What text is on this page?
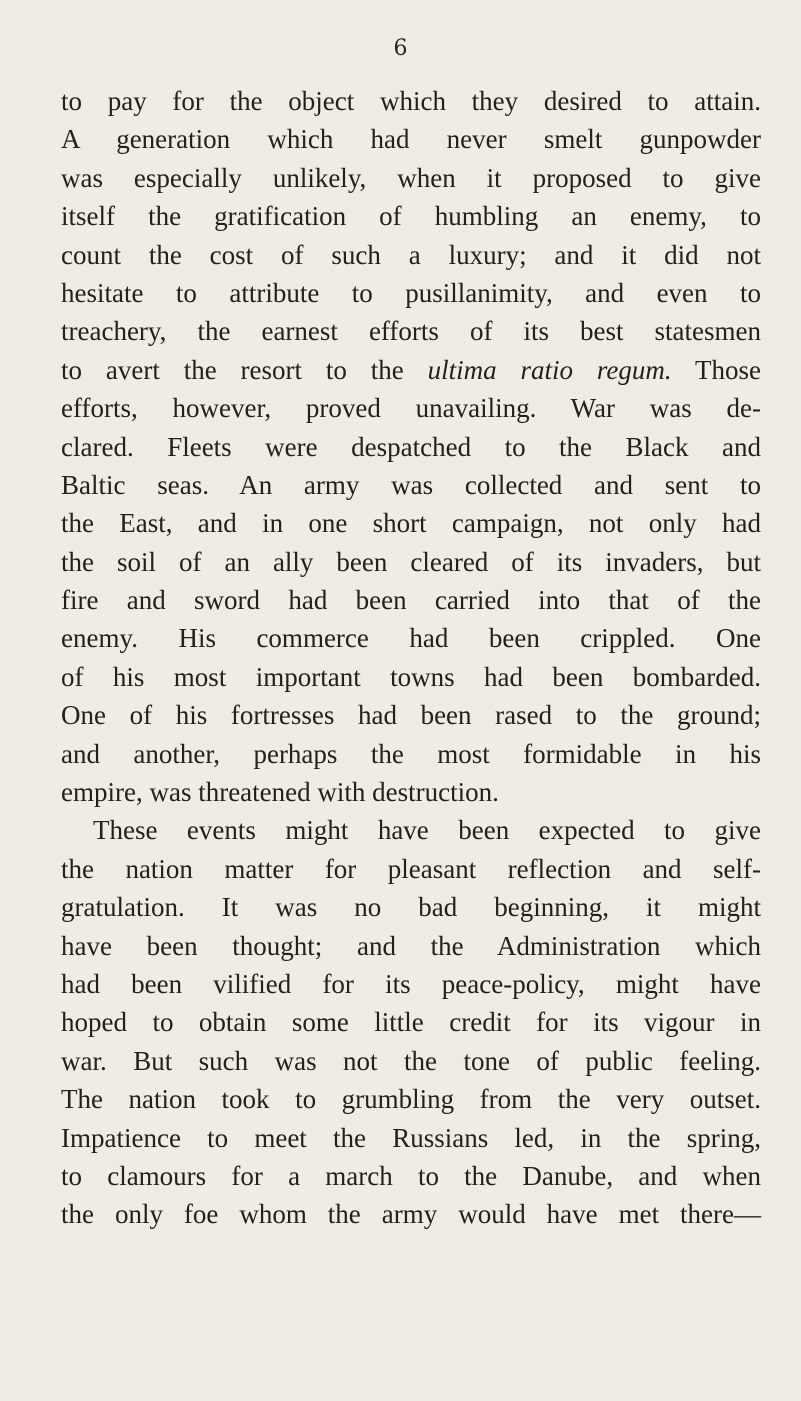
6
to pay for the object which they desired to attain.
A generation which had never smelt gunpowder
was especially unlikely, when it proposed to give
itself the gratification of humbling an enemy, to
count the cost of such a luxury; and it did not
hesitate to attribute to pusillanimity, and even to
treachery, the earnest efforts of its best statesmen
to avert the resort to the ultima ratio regum. Those
efforts, however, proved unavailing. War was de-
clared. Fleets were despatched to the Black and
Baltic seas. An army was collected and sent to
the East, and in one short campaign, not only had
the soil of an ally been cleared of its invaders, but
fire and sword had been carried into that of the
enemy. His commerce had been crippled. One
of his most important towns had been bombarded.
One of his fortresses had been rased to the ground;
and another, perhaps the most formidable in his
empire, was threatened with destruction.
These events might have been expected to give
the nation matter for pleasant reflection and self-
gratulation. It was no bad beginning, it might
have been thought; and the Administration which
had been vilified for its peace-policy, might have
hoped to obtain some little credit for its vigour in
war. But such was not the tone of public feeling.
The nation took to grumbling from the very outset.
Impatience to meet the Russians led, in the spring,
to clamours for a march to the Danube, and when
the only foe whom the army would have met there—
